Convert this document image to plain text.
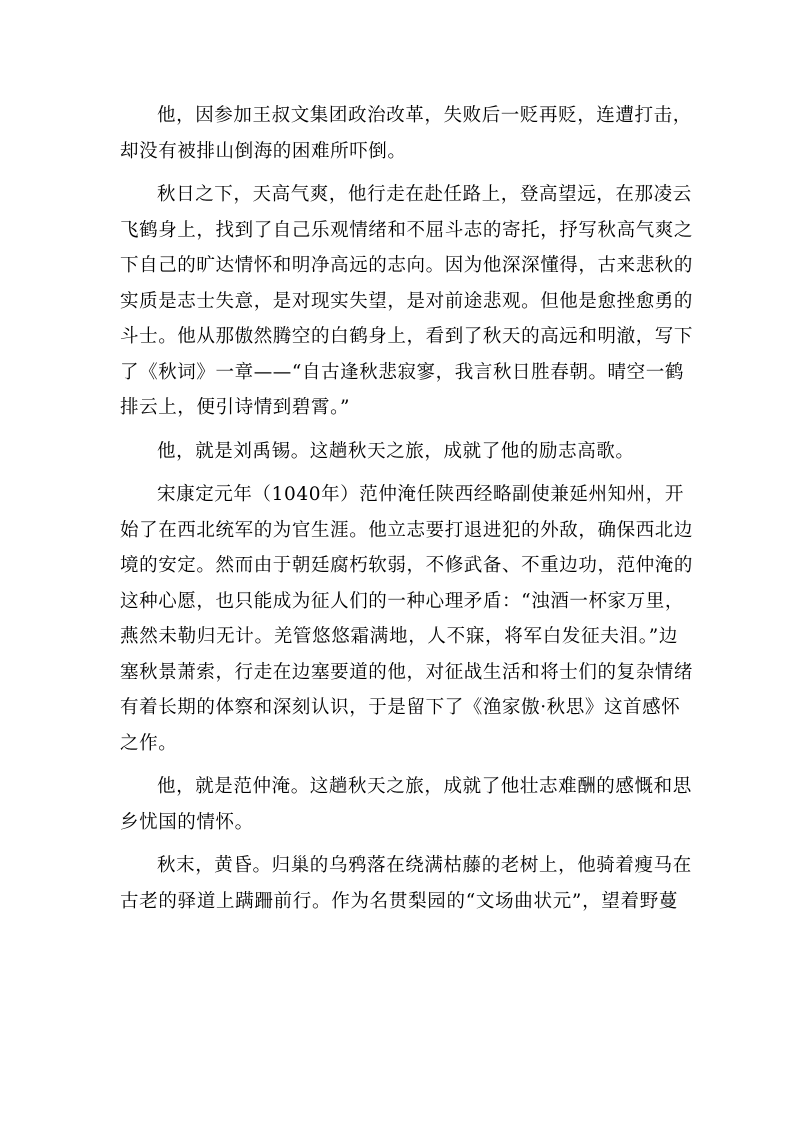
他，因参加王叔文集团政治改革，失败后一贬再贬，连遭打击，
却没有被排山倒海的困难所吓倒。

秋日之下，天高气爽，他行走在赴任路上，登高望远，在那凌云
飞鹤身上，找到了自己乐观情绪和不屈斗志的寄托，抒写秋高气爽之
下自己的旷达情怀和明净高远的志向。因为他深深懂得，古来悲秋的
实质是志士失意，是对现实失望，是对前途悲观。但他是愈挫愈勇的
斗士。他从那傲然腾空的白鹤身上，看到了秋天的高远和明澈，写下
了《秋词》一章——“自古逢秋悲寂寥，我言秋日胜春朝。晴空一鹤
排云上，便引诗情到碧霄。”

他，就是刘禹锡。这趟秋天之旅，成就了他的励志高歌。

宋康定元年（1040年）范仲淹任陕西经略副使兼延州知州，开
始了在西北统军的为官生涯。他立志要打退进犯的外敌，确保西北边
境的安定。然而由于朝廷腐朽软弱，不修武备、不重边功，范仲淹的
这种心愿，也只能成为征人们的一种心理矛盾：“浊酒一杯家万里，
燕然未勒归无计。羌管悠悠霜满地，人不寐，将军白发征夫泪。”边
塞秋景萧索，行走在边塞要道的他，对征战生活和将士们的复杂情绪
有着长期的体察和深刻认识，于是留下了《渔家傲·秋思》这首感怀
之作。

他，就是范仲淹。这趟秋天之旅，成就了他壮志难酬的感慨和思
乡忧国的情怀。

秋末，黄昏。归巢的乌鸦落在绕满枯藤的老树上，他骑着瘦马在
古老的驿道上蹒跚前行。作为名贯梨园的“文场曲状元”，望着野蔓
